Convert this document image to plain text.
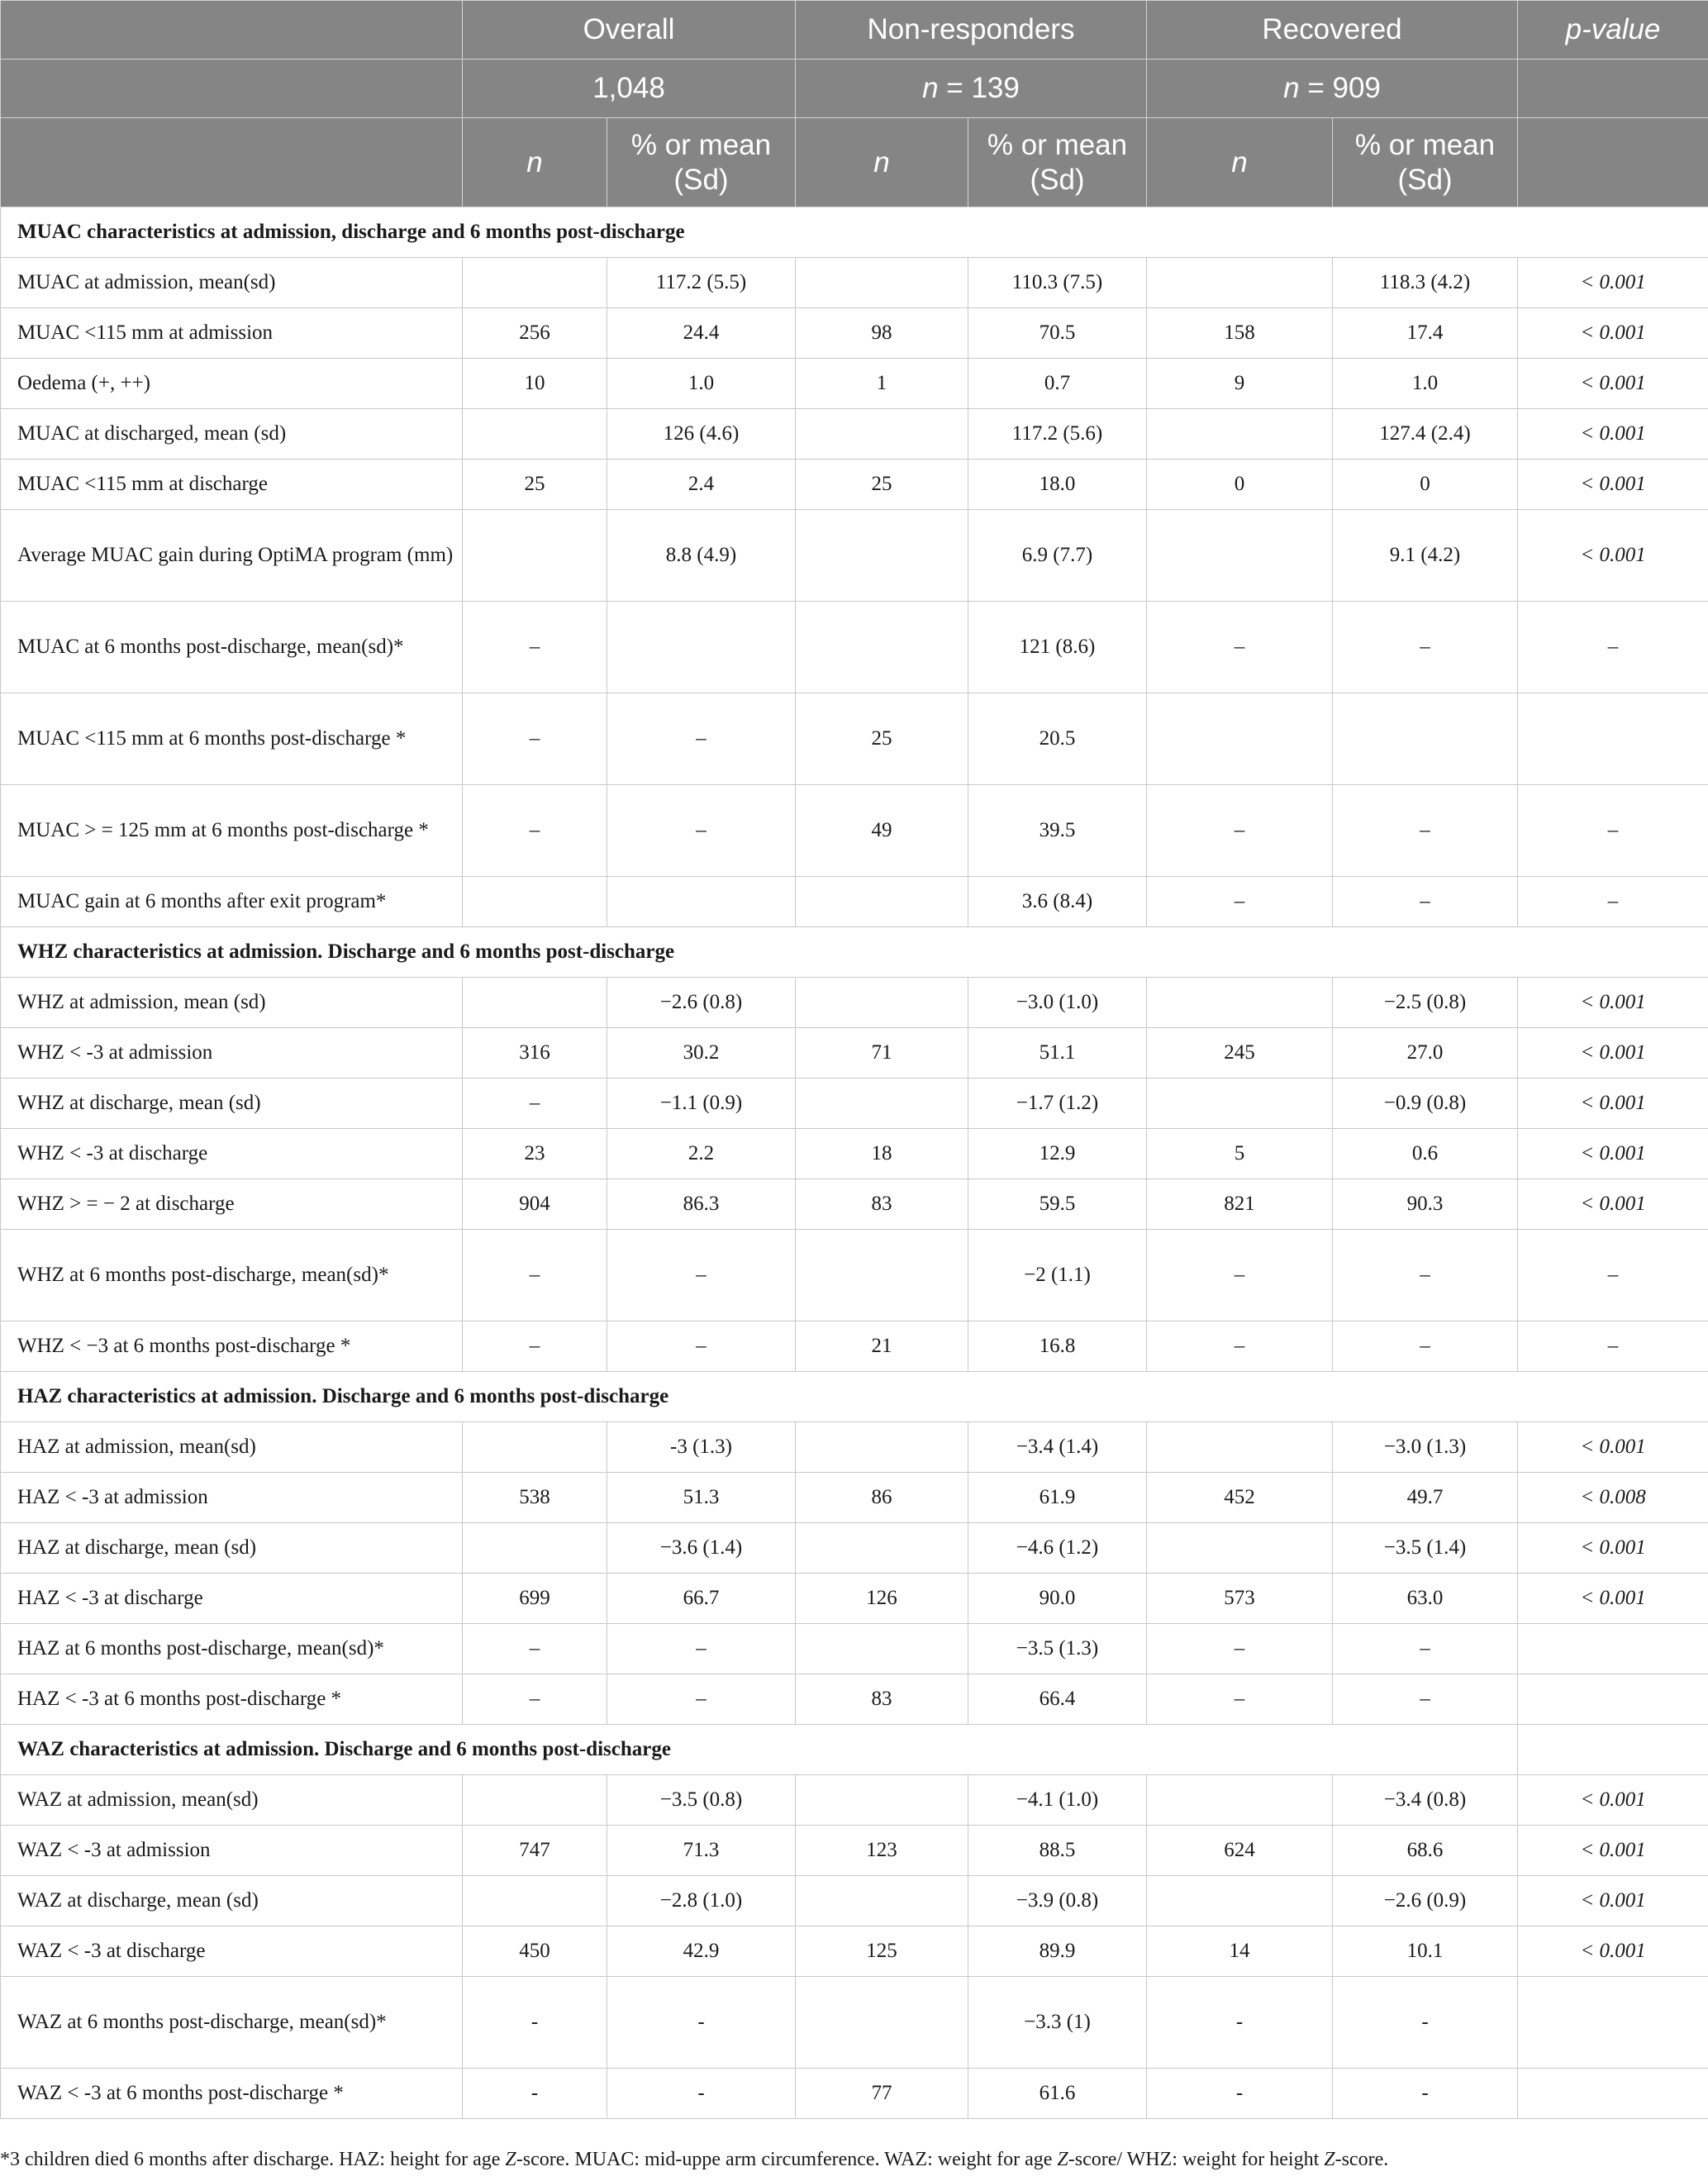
	Overall		Non-responders		Recovered		p-value
	1,048		n = 139		n = 909		
	n	% or mean (Sd)	n	% or mean (Sd)	n	% or mean (Sd)	
MUAC characteristics at admission, discharge and 6 months post-discharge							
MUAC at admission, mean(sd)		117.2 (5.5)		110.3 (7.5)		118.3 (4.2)	< 0.001
MUAC <115 mm at admission	256	24.4	98	70.5	158	17.4	< 0.001
Oedema (+, ++)	10	1.0	1	0.7	9	1.0	< 0.001
MUAC at discharged, mean (sd)		126 (4.6)		117.2 (5.6)		127.4 (2.4)	< 0.001
MUAC <115 mm at discharge	25	2.4	25	18.0	0	0	< 0.001
Average MUAC gain during OptiMA program (mm)		8.8 (4.9)		6.9 (7.7)		9.1 (4.2)	< 0.001
MUAC at 6 months post-discharge, mean(sd)*	–			121 (8.6)	–	–	–
MUAC <115 mm at 6 months post-discharge *	–	–	25	20.5			
MUAC > = 125 mm at 6 months post-discharge *	–	–	49	39.5	–	–	–
MUAC gain at 6 months after exit program*				3.6 (8.4)	–	–	–
WHZ characteristics at admission. Discharge and 6 months post-discharge							
WHZ at admission, mean (sd)		−2.6 (0.8)		−3.0 (1.0)		−2.5 (0.8)	< 0.001
WHZ < -3 at admission	316	30.2	71	51.1	245	27.0	< 0.001
WHZ at discharge, mean (sd)	–	−1.1 (0.9)		−1.7 (1.2)		−0.9 (0.8)	< 0.001
WHZ < -3 at discharge	23	2.2	18	12.9	5	0.6	< 0.001
WHZ > = − 2 at discharge	904	86.3	83	59.5	821	90.3	< 0.001
WHZ at 6 months post-discharge, mean(sd)*	–	–		−2 (1.1)	–	–	–
WHZ < −3 at 6 months post-discharge *	–	–	21	16.8	–	–	–
HAZ characteristics at admission. Discharge and 6 months post-discharge							
HAZ at admission, mean(sd)		-3 (1.3)		−3.4 (1.4)		−3.0 (1.3)	< 0.001
HAZ < -3 at admission	538	51.3	86	61.9	452	49.7	< 0.008
HAZ at discharge, mean (sd)		−3.6 (1.4)		−4.6 (1.2)		−3.5 (1.4)	< 0.001
HAZ < -3 at discharge	699	66.7	126	90.0	573	63.0	< 0.001
HAZ at 6 months post-discharge, mean(sd)*	–	–		−3.5 (1.3)	–	–	
HAZ < -3 at 6 months post-discharge *	–	–	83	66.4	–	–	
WAZ characteristics at admission. Discharge and 6 months post-discharge							
WAZ at admission, mean(sd)		−3.5 (0.8)		−4.1 (1.0)		−3.4 (0.8)	< 0.001
WAZ < -3 at admission	747	71.3	123	88.5	624	68.6	< 0.001
WAZ at discharge, mean (sd)		−2.8 (1.0)		−3.9 (0.8)		−2.6 (0.9)	< 0.001
WAZ < -3 at discharge	450	42.9	125	89.9	14	10.1	< 0.001
WAZ at 6 months post-discharge, mean(sd)*	-	-		−3.3 (1)	-	-	
WAZ < -3 at 6 months post-discharge *	-	-	77	61.6	-	-	
*3 children died 6 months after discharge. HAZ: height for age Z-score. MUAC: mid-uppe arm circumference. WAZ: weight for age Z-score/ WHZ: weight for height Z-score.
